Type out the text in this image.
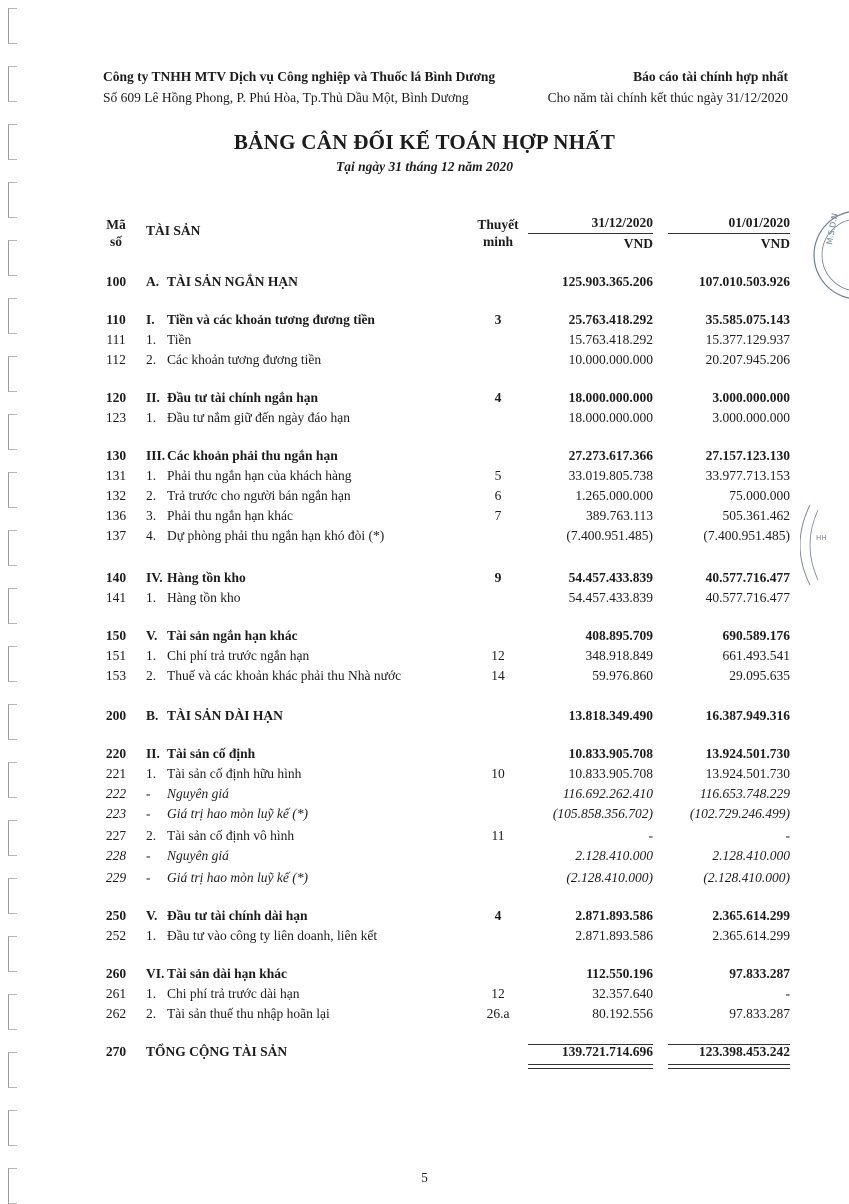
Công ty TNHH MTV Dịch vụ Công nghiệp và Thuốc lá Bình Dương
Số 609 Lê Hồng Phong, P. Phú Hòa, Tp.Thủ Dầu Một, Bình Dương
Báo cáo tài chính hợp nhất
Cho năm tài chính kết thúc ngày 31/12/2020
BẢNG CÂN ĐỐI KẾ TOÁN HỢP NHẤT
Tại ngày 31 tháng 12 năm 2020
M.S.D.N
HH
Mã
số
TÀI SẢN	Thuyết
minh
31/12/2020	01/01/2020
VND	VND
100	A. TÀI SẢN NGẮN HẠN	125.903.365.206	107.010.503.926
110	I. Tiền và các khoản tương đương tiền	3	25.763.418.292	35.585.075.143
111	1. Tiền	15.763.418.292	15.377.129.937
112	2. Các khoản tương đương tiền	10.000.000.000	20.207.945.206
120	II. Đầu tư tài chính ngắn hạn	4	18.000.000.000	3.000.000.000
123	1. Đầu tư nắm giữ đến ngày đáo hạn	18.000.000.000	3.000.000.000
130	III. Các khoản phải thu ngắn hạn	27.273.617.366	27.157.123.130
131	1. Phải thu ngắn hạn của khách hàng	5	33.019.805.738	33.977.713.153
132	2. Trả trước cho người bán ngắn hạn	6	1.265.000.000	75.000.000
136	3. Phải thu ngắn hạn khác	7	389.763.113	505.361.462
137	4. Dự phòng phải thu ngắn hạn khó đòi (*)	(7.400.951.485)	(7.400.951.485)
140	IV. Hàng tồn kho	9	54.457.433.839	40.577.716.477
141	1. Hàng tồn kho	54.457.433.839	40.577.716.477
150	V. Tài sản ngắn hạn khác	408.895.709	690.589.176
151	1. Chi phí trả trước ngắn hạn	12	348.918.849	661.493.541
153	2. Thuế và các khoản khác phải thu Nhà nước	14	59.976.860	29.095.635
200	B. TÀI SẢN DÀI HẠN	13.818.349.490	16.387.949.316
220	II. Tài sản cố định	10.833.905.708	13.924.501.730
221	1. Tài sản cố định hữu hình	10	10.833.905.708	13.924.501.730
222	- Nguyên giá	116.692.262.410	116.653.748.229
223	- Giá trị hao mòn luỹ kế (*)	(105.858.356.702)	(102.729.246.499)
227	2. Tài sản cố định vô hình	11	-	-
228	- Nguyên giá	2.128.410.000	2.128.410.000
229	- Giá trị hao mòn luỹ kế (*)	(2.128.410.000)	(2.128.410.000)
250	V. Đầu tư tài chính dài hạn	4	2.871.893.586	2.365.614.299
252	1. Đầu tư vào công ty liên doanh, liên kết	2.871.893.586	2.365.614.299
260	VI. Tài sản dài hạn khác	112.550.196	97.833.287
261	1. Chi phí trả trước dài hạn	12	32.357.640	-
262	2. Tài sản thuế thu nhập hoãn lại	26.a	80.192.556	97.833.287
270	TỔNG CỘNG TÀI SẢN	139.721.714.696	123.398.453.242
5
